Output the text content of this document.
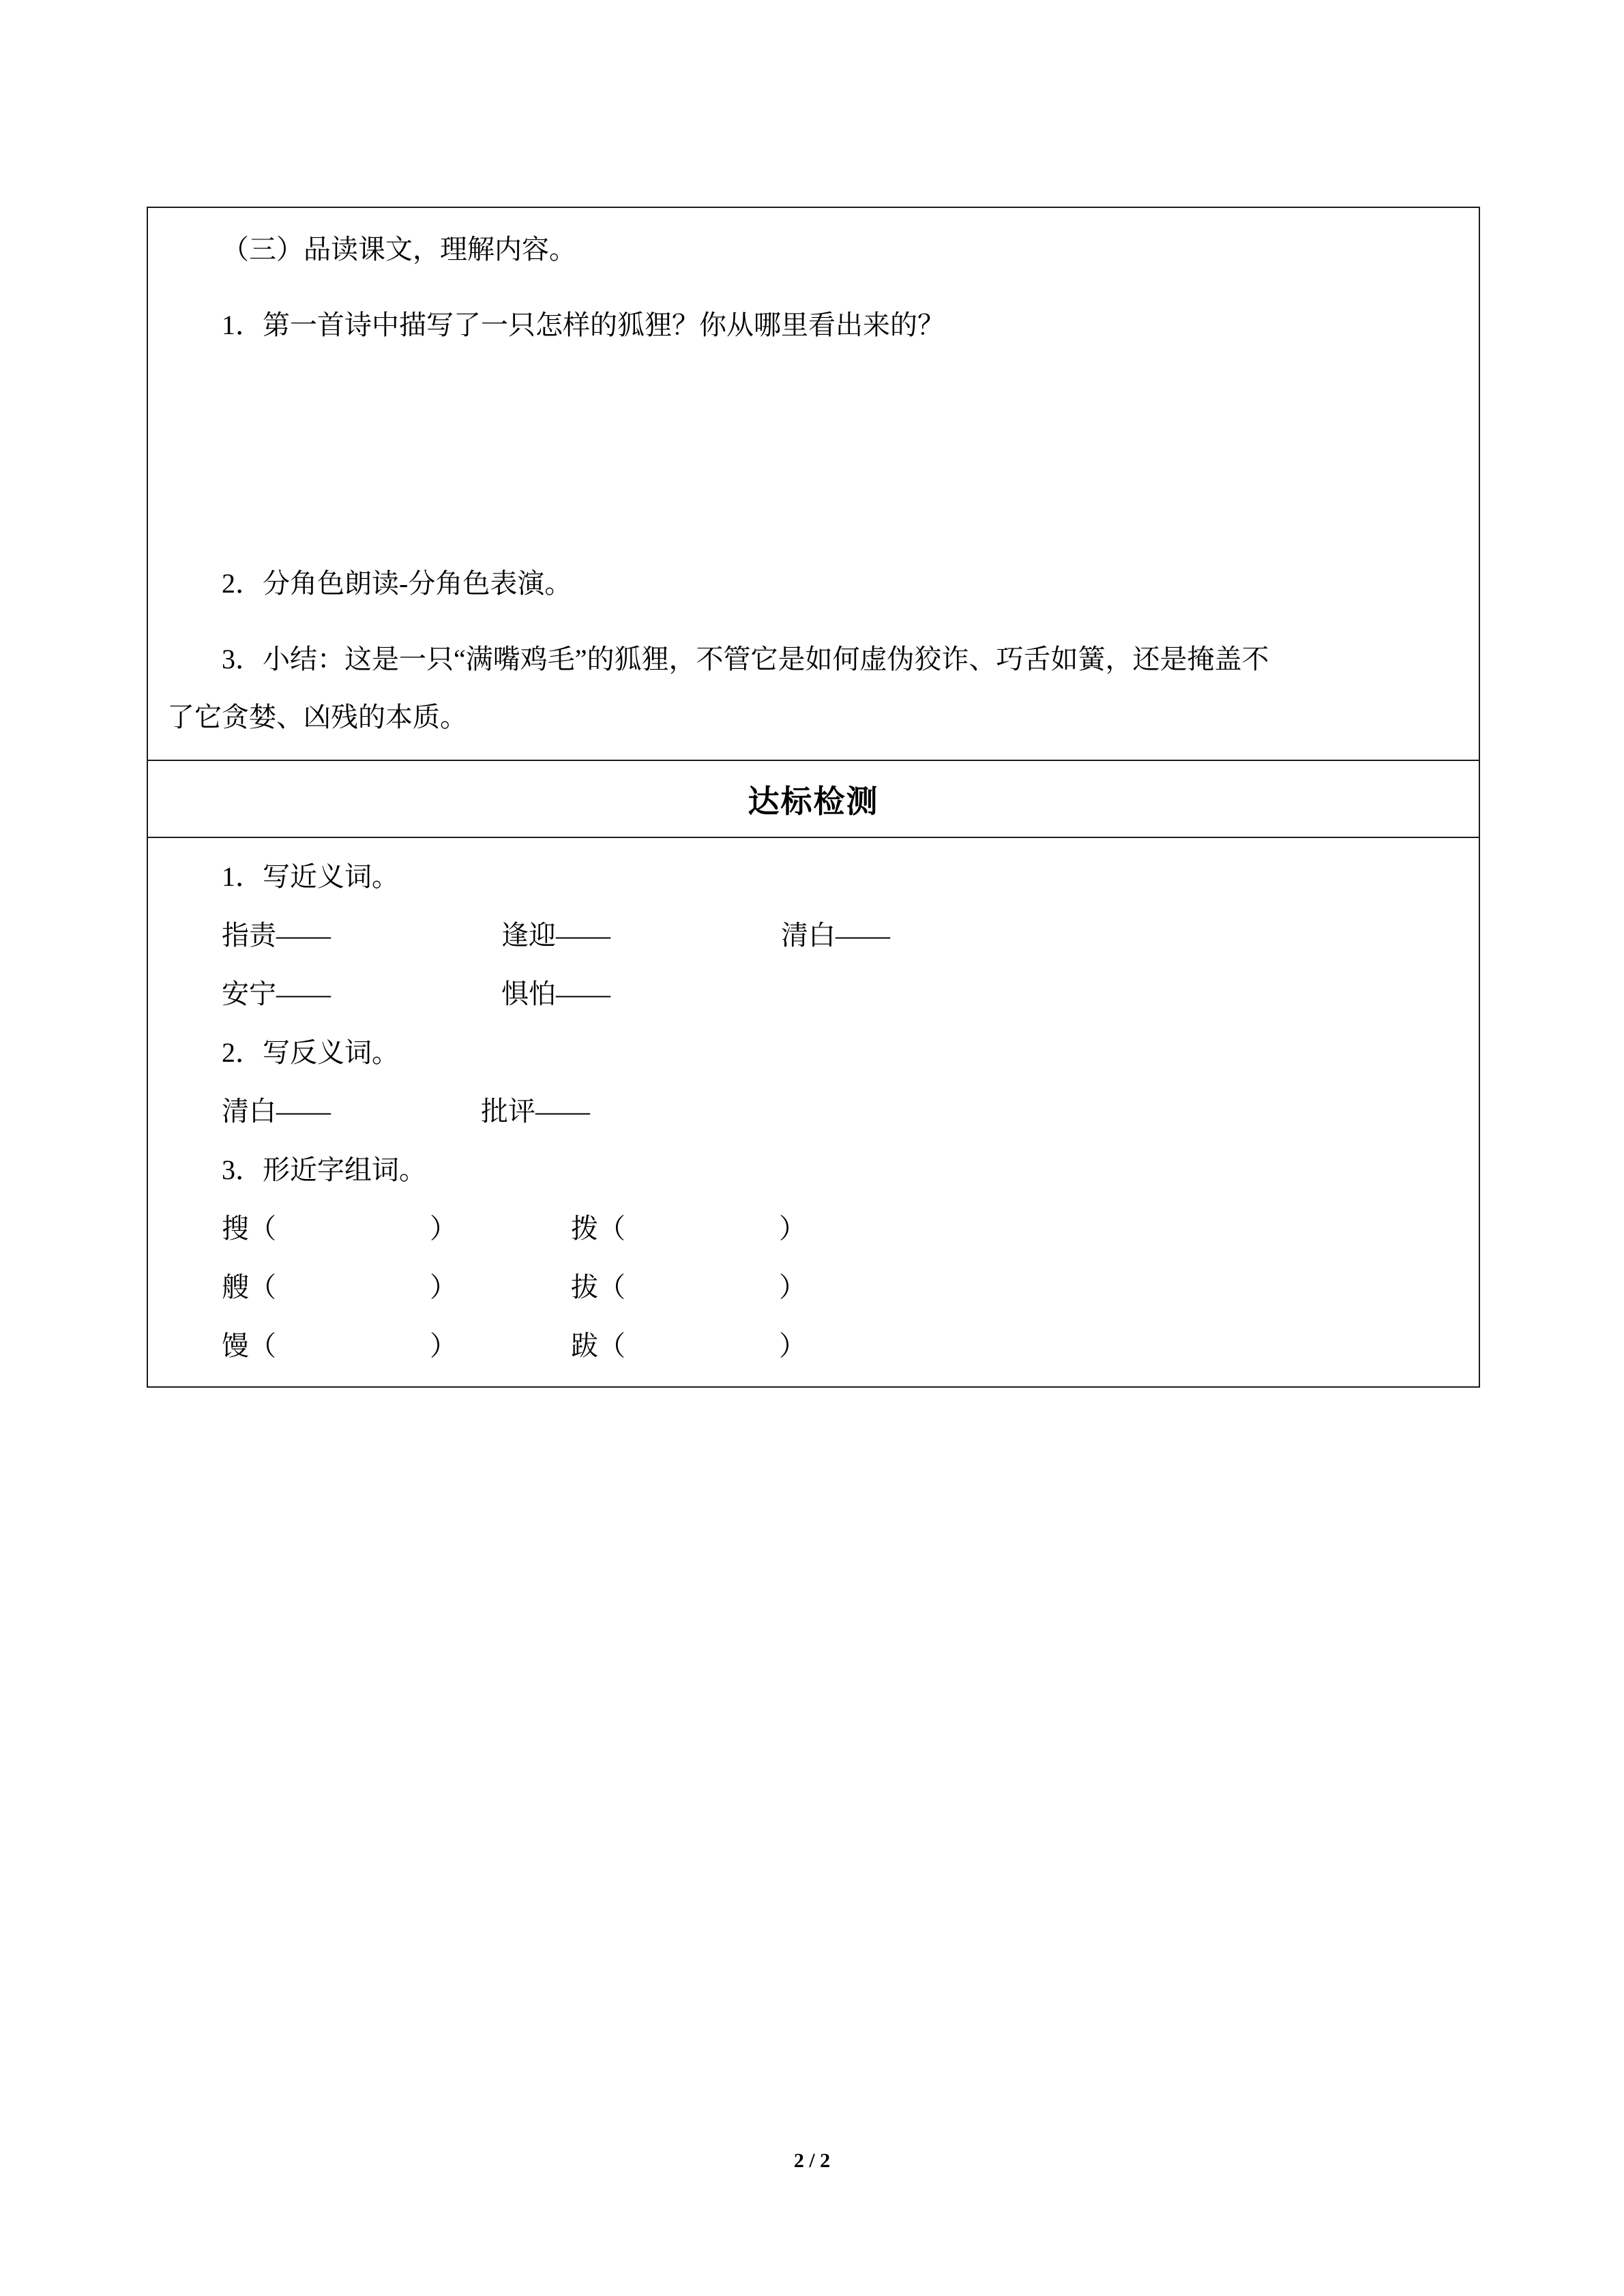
（三）品读课文，理解内容。

1．第一首诗中描写了一只怎样的狐狸？你从哪里看出来的？

2．分角色朗读-分角色表演。

3．小结：这是一只“满嘴鸡毛”的狐狸，不管它是如何虚伪狡诈、巧舌如簧，还是掩盖不了它贪婪、凶残的本质。

达标检测

1．写近义词。

指责——	逢迎——	清白——

安宁——	惧怕——

2．写反义词。

清白——	批评——

3．形近字组词。

搜（	）	拨（	）

艘（	）	拔（	）

馒（	）	跋（	）

2 / 2
